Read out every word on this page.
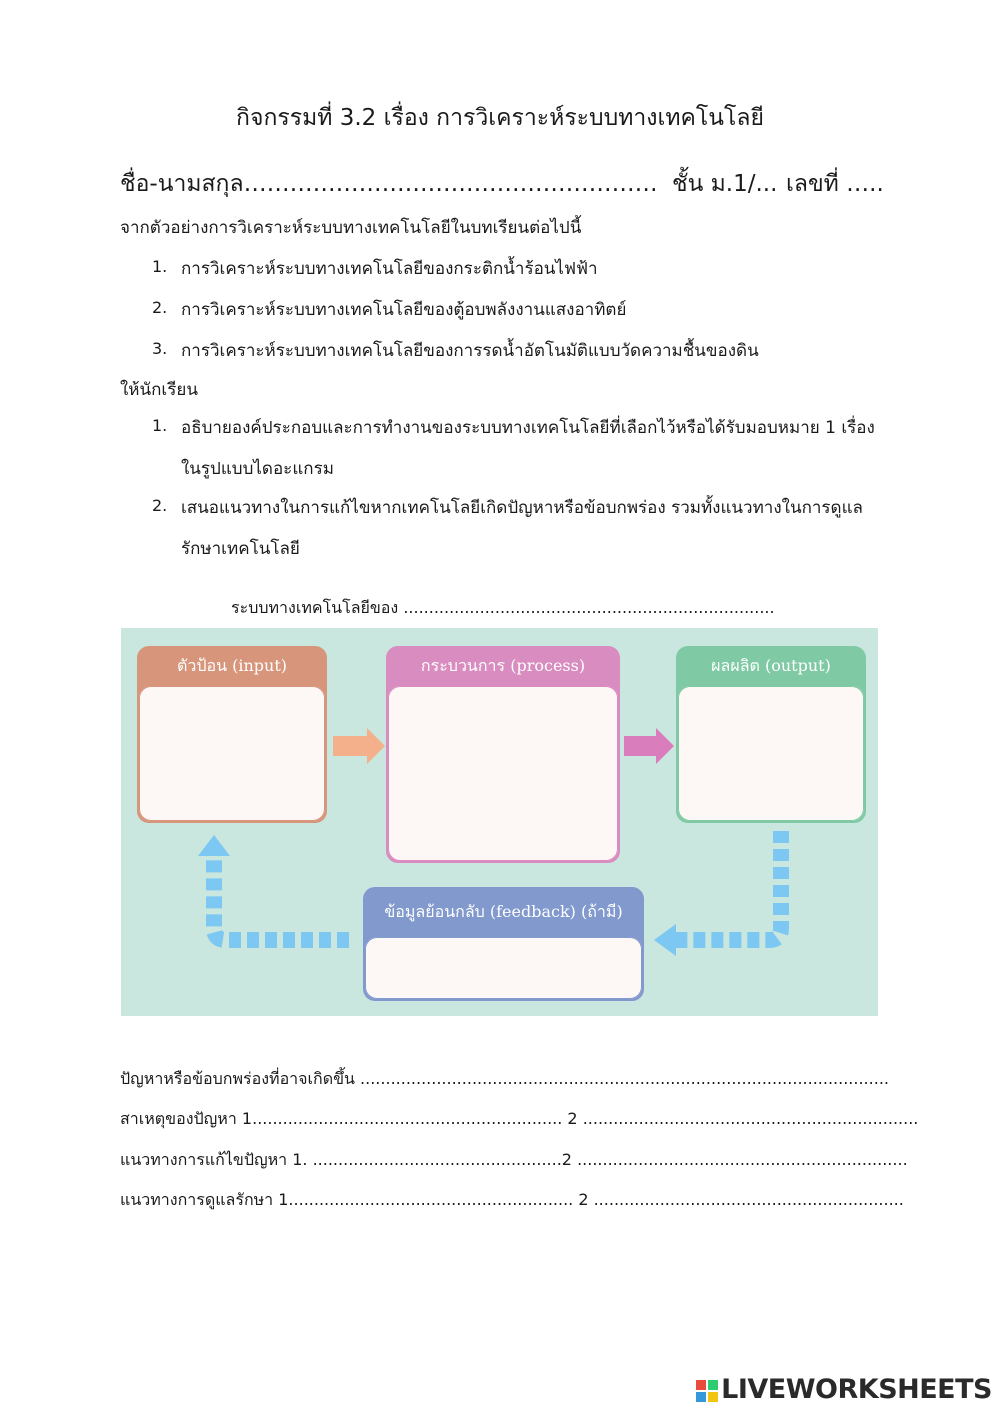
กิจกรรมที่ 3.2 เรื่อง การวิเคราะห์ระบบทางเทคโนโลยี
ชื่อ-นามสกุล……………………………………………… ชั้น ม.1/... เลขที่ …..
จากตัวอย่างการวิเคราะห์ระบบทางเทคโนโลยีในบทเรียนต่อไปนี้
1. การวิเคราะห์ระบบทางเทคโนโลยีของกระติกน้ำร้อนไฟฟ้า
2. การวิเคราะห์ระบบทางเทคโนโลยีของตู้อบพลังงานแสงอาทิตย์
3. การวิเคราะห์ระบบทางเทคโนโลยีของการรดน้ำอัตโนมัติแบบวัดความชื้นของดิน
ให้นักเรียน
1. อธิบายองค์ประกอบและการทำงานของระบบทางเทคโนโลยีที่เลือกไว้หรือได้รับมอบหมาย 1 เรื่อง
ในรูปแบบไดอะแกรม
2. เสนอแนวทางในการแก้ไขหากเทคโนโลยีเกิดปัญหาหรือข้อบกพร่อง รวมทั้งแนวทางในการดูแล
รักษาเทคโนโลยี
ระบบทางเทคโนโลยีของ .........................................................................
ตัวป้อน (input)	กระบวนการ (process)	ผลผลิต (output)
ข้อมูลย้อนกลับ (feedback) (ถ้ามี)
ปัญหาหรือข้อบกพร่องที่อาจเกิดขึ้น ........................................................................................................
สาเหตุของปัญหา 1............................................................. 2 ..................................................................
แนวทางการแก้ไขปัญหา 1. .................................................2 .................................................................
แนวทางการดูแลรักษา 1........................................................ 2 .............................................................
LIVEWORKSHEETS
